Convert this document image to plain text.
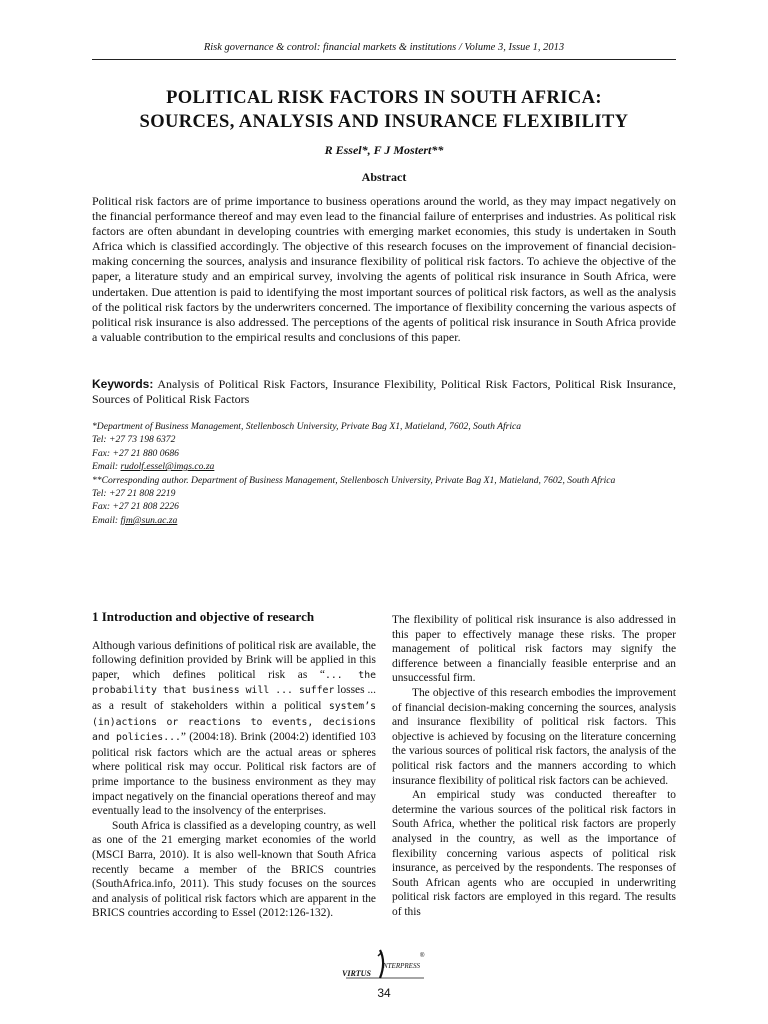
Risk governance & control: financial markets & institutions / Volume 3, Issue 1, 2013
POLITICAL RISK FACTORS IN SOUTH AFRICA:
SOURCES, ANALYSIS AND INSURANCE FLEXIBILITY
R Essel*, F J Mostert**
Abstract
Political risk factors are of prime importance to business operations around the world, as they may impact negatively on the financial performance thereof and may even lead to the financial failure of enterprises and industries. As political risk factors are often abundant in developing countries with emerging market economies, this study is undertaken in South Africa which is classified accordingly. The objective of this research focuses on the improvement of financial decision-making concerning the sources, analysis and insurance flexibility of political risk factors. To achieve the objective of the paper, a literature study and an empirical survey, involving the agents of political risk insurance in South Africa, were undertaken. Due attention is paid to identifying the most important sources of political risk factors, as well as the analysis of the political risk factors by the underwriters concerned. The importance of flexibility concerning the various aspects of political risk insurance is also addressed. The perceptions of the agents of political risk insurance in South Africa provide a valuable contribution to the empirical results and conclusions of this paper.
Keywords: Analysis of Political Risk Factors, Insurance Flexibility, Political Risk Factors, Political Risk Insurance, Sources of Political Risk Factors
*Department of Business Management, Stellenbosch University, Private Bag X1, Matieland, 7602, South Africa
Tel: +27 73 198 6372
Fax: +27 21 880 0686
Email: rudolf.essel@imgs.co.za
**Corresponding author. Department of Business Management, Stellenbosch University, Private Bag X1, Matieland, 7602, South Africa
Tel: +27 21 808 2219
Fax: +27 21 808 2226
Email: fjm@sun.ac.za
1 Introduction and objective of research

Although various definitions of political risk are available, the following definition provided by Brink will be applied in this paper, which defines political risk as “... the probability that business will ... suffer losses ... as a result of stakeholders within a political system’s (in)actions or reactions to events, decisions and policies...” (2004:18). Brink (2004:2) identified 103 political risk factors which are the actual areas or spheres where political risk may occur. Political risk factors are of prime importance to the business environment as they may impact negatively on the financial operations thereof and may eventually lead to the insolvency of the enterprises.

South Africa is classified as a developing country, as well as one of the 21 emerging market economies of the world (MSCI Barra, 2010). It is also well-known that South Africa recently became a member of the BRICS countries (SouthAfrica.info, 2011). This study focuses on the sources and analysis of political risk factors which are apparent in the BRICS countries according to Essel (2012:126-132).

The flexibility of political risk insurance is also addressed in this paper to effectively manage these risks. The proper management of political risk factors may signify the difference between a financially feasible enterprise and an unsuccessful firm.

The objective of this research embodies the improvement of financial decision-making concerning the sources, analysis and insurance flexibility of political risk factors. This objective is achieved by focusing on the literature concerning the various sources of political risk factors, the analysis of the political risk factors and the manners according to which insurance flexibility of political risk factors can be achieved.

An empirical study was conducted thereafter to determine the various sources of the political risk factors in South Africa, whether the political risk factors are properly analysed in the country, as well as the importance of flexibility concerning various aspects of political risk insurance, as perceived by the respondents. The responses of South African agents who are occupied in underwriting political risk factors are employed in this regard. The results of this

VIRTUS
NTERPRESS
®
34
